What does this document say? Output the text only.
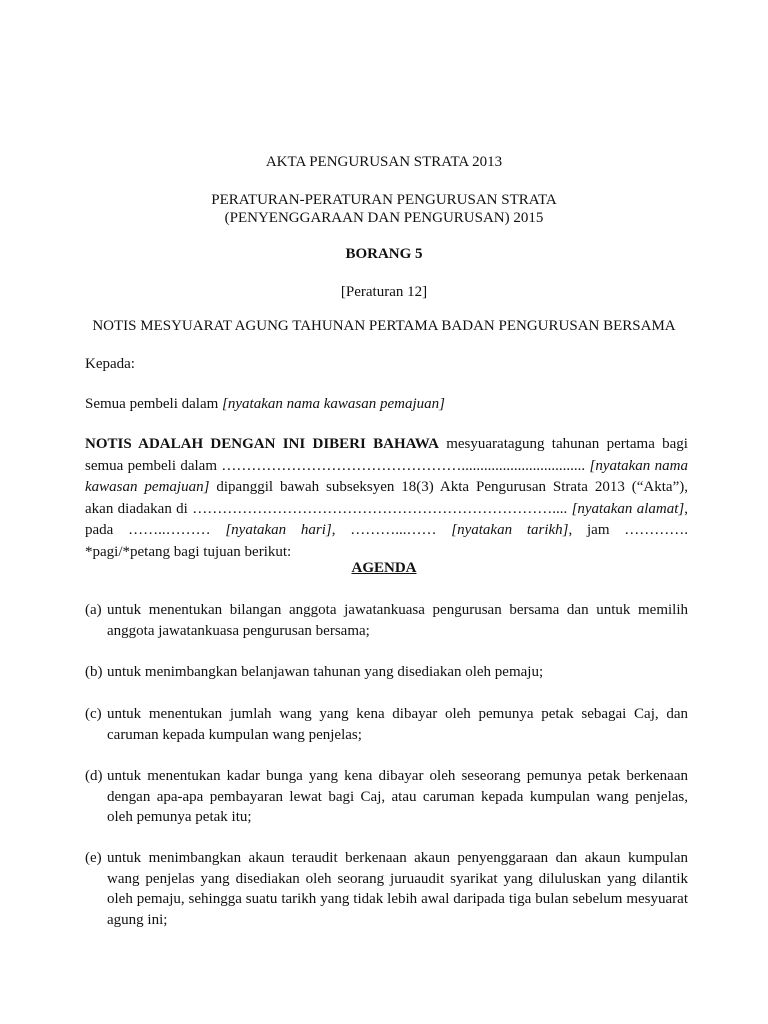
AKTA PENGURUSAN STRATA 2013
PERATURAN-PERATURAN PENGURUSAN STRATA
(PENYENGGARAAN DAN PENGURUSAN) 2015
BORANG 5
[Peraturan 12]
NOTIS MESYUARAT AGUNG TAHUNAN PERTAMA BADAN PENGURUSAN BERSAMA
Kepada:
Semua pembeli dalam [nyatakan nama kawasan pemajuan]
NOTIS ADALAH DENGAN INI DIBERI BAHAWA mesyuaratagung tahunan pertama bagi semua pembeli dalam …………………………………………................................. [nyatakan nama kawasan pemajuan] dipanggil bawah subseksyen 18(3) Akta Pengurusan Strata 2013 (“Akta”), akan diadakan di ……………………………………………………………….... [nyatakan alamat], pada ……..……… [nyatakan hari], ………...…… [nyatakan tarikh], jam …………. *pagi/*petang bagi tujuan berikut:
AGENDA
(a) untuk menentukan bilangan anggota jawatankuasa pengurusan bersama dan untuk memilih anggota jawatankuasa pengurusan bersama;
(b) untuk menimbangkan belanjawan tahunan yang disediakan oleh pemaju;
(c) untuk menentukan jumlah wang yang kena dibayar oleh pemunya petak sebagai Caj, dan caruman kepada kumpulan wang penjelas;
(d) untuk menentukan kadar bunga yang kena dibayar oleh seseorang pemunya petak berkenaan dengan apa-apa pembayaran lewat bagi Caj, atau caruman kepada kumpulan wang penjelas, oleh pemunya petak itu;
(e) untuk menimbangkan akaun teraudit berkenaan akaun penyenggaraan dan akaun kumpulan wang penjelas yang disediakan oleh seorang juruaudit syarikat yang diluluskan yang dilantik oleh pemaju, sehingga suatu tarikh yang tidak lebih awal daripada tiga bulan sebelum mesyuarat agung ini;
